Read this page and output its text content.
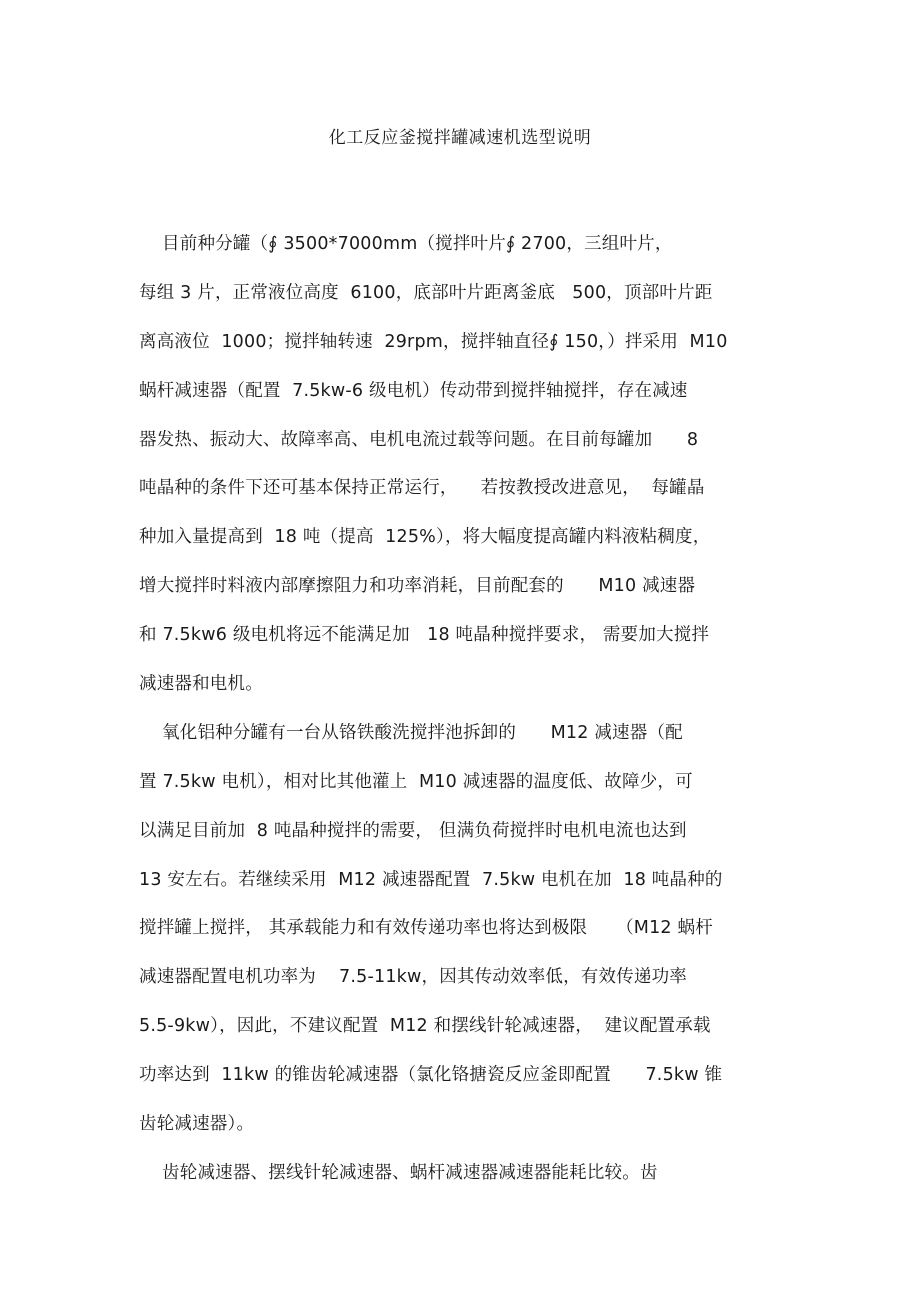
化工反应釜搅拌罐减速机选型说明
目前种分罐（∮ 3500*7000mm（搅拌叶片∮ 2700，三组叶片，
每组 3 片，正常液位高度  6100，底部叶片距离釜底   500，顶部叶片距
离高液位  1000；搅拌轴转速  29rpm，搅拌轴直径∮ 150，）拌采用  M10
蜗杆减速器（配置  7.5kw-6 级电机）传动带到搅拌轴搅拌，存在减速
器发热、振动大、故障率高、电机电流过载等问题。在目前每罐加      8
吨晶种的条件下还可基本保持正常运行，    若按教授改进意见，  每罐晶
种加入量提高到  18 吨（提高  125%），将大幅度提高罐内料液粘稠度，
增大搅拌时料液内部摩擦阻力和功率消耗，目前配套的      M10 减速器
和 7.5kw6 级电机将远不能满足加   18 吨晶种搅拌要求， 需要加大搅拌
减速器和电机。
氧化铝种分罐有一台从铬铁酸洗搅拌池拆卸的      M12 减速器（配
置 7.5kw 电机），相对比其他灌上  M10 减速器的温度低、故障少，可
以满足目前加  8 吨晶种搅拌的需要， 但满负荷搅拌时电机电流也达到
13 安左右。若继续采用  M12 减速器配置  7.5kw 电机在加  18 吨晶种的
搅拌罐上搅拌， 其承载能力和有效传递功率也将达到极限     （M12 蜗杆
减速器配置电机功率为    7.5-11kw，因其传动效率低，有效传递功率
5.5-9kw），因此，不建议配置  M12 和摆线针轮减速器，  建议配置承载
功率达到  11kw 的锥齿轮减速器（氯化铬搪瓷反应釜即配置      7.5kw 锥
齿轮减速器）。
齿轮减速器、摆线针轮减速器、蜗杆减速器减速器能耗比较。齿
